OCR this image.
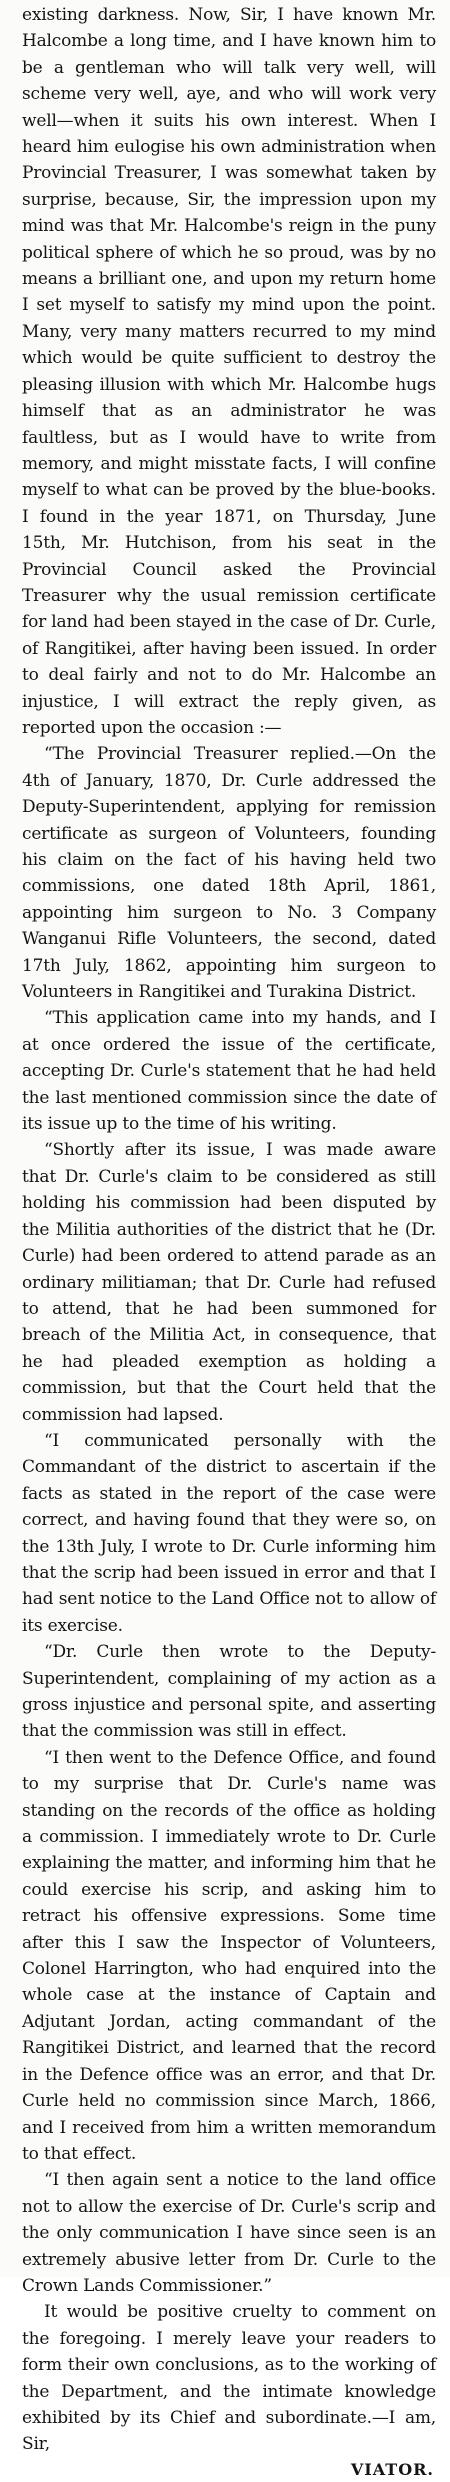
existing darkness. Now, Sir, I have known Mr. Halcombe a long time, and I have known him to be a gentleman who will talk very well, will scheme very well, aye, and who will work very well—when it suits his own interest. When I heard him eulogise his own administration when Provincial Treasurer, I was somewhat taken by surprise, because, Sir, the impression upon my mind was that Mr. Halcombe's reign in the puny political sphere of which he so proud, was by no means a brilliant one, and upon my return home I set myself to satisfy my mind upon the point. Many, very many matters recurred to my mind which would be quite sufficient to destroy the pleasing illusion with which Mr. Halcombe hugs himself that as an administrator he was faultless, but as I would have to write from memory, and might misstate facts, I will confine myself to what can be proved by the blue-books. I found in the year 1871, on Thursday, June 15th, Mr. Hutchison, from his seat in the Provincial Council asked the Provincial Treasurer why the usual remission certificate for land had been stayed in the case of Dr. Curle, of Rangitikei, after having been issued. In order to deal fairly and not to do Mr. Halcombe an injustice, I will extract the reply given, as reported upon the occasion :—

“The Provincial Treasurer replied.—On the 4th of January, 1870, Dr. Curle addressed the Deputy-Superintendent, applying for remission certificate as surgeon of Volunteers, founding his claim on the fact of his having held two commissions, one dated 18th April, 1861, appointing him surgeon to No. 3 Company Wanganui Rifle Volunteers, the second, dated 17th July, 1862, appointing him surgeon to Volunteers in Rangitikei and Turakina District.

“This application came into my hands, and I at once ordered the issue of the certificate, accepting Dr. Curle's statement that he had held the last mentioned commission since the date of its issue up to the time of his writing.

“Shortly after its issue, I was made aware that Dr. Curle's claim to be considered as still holding his commission had been disputed by the Militia authorities of the district that he (Dr. Curle) had been ordered to attend parade as an ordinary militiaman; that Dr. Curle had refused to attend, that he had been summoned for breach of the Militia Act, in consequence, that he had pleaded exemption as holding a commission, but that the Court held that the commission had lapsed.

“I communicated personally with the Commandant of the district to ascertain if the facts as stated in the report of the case were correct, and having found that they were so, on the 13th July, I wrote to Dr. Curle informing him that the scrip had been issued in error and that I had sent notice to the Land Office not to allow of its exercise.

“Dr. Curle then wrote to the Deputy-Superintendent, complaining of my action as a gross injustice and personal spite, and asserting that the commission was still in effect.

“I then went to the Defence Office, and found to my surprise that Dr. Curle's name was standing on the records of the office as holding a commission. I immediately wrote to Dr. Curle explaining the matter, and informing him that he could exercise his scrip, and asking him to retract his offensive expressions. Some time after this I saw the Inspector of Volunteers, Colonel Harrington, who had enquired into the whole case at the instance of Captain and Adjutant Jordan, acting commandant of the Rangitikei District, and learned that the record in the Defence office was an error, and that Dr. Curle held no commission since March, 1866, and I received from him a written memorandum to that effect.

“I then again sent a notice to the land office not to allow the exercise of Dr. Curle's scrip and the only communication I have since seen is an extremely abusive letter from Dr. Curle to the Crown Lands Commissioner.”

It would be positive cruelty to comment on the foregoing. I merely leave your readers to form their own conclusions, as to the working of the Department, and the intimate knowledge exhibited by its Chief and subordinate.—I am, Sir,

VIATOR.
